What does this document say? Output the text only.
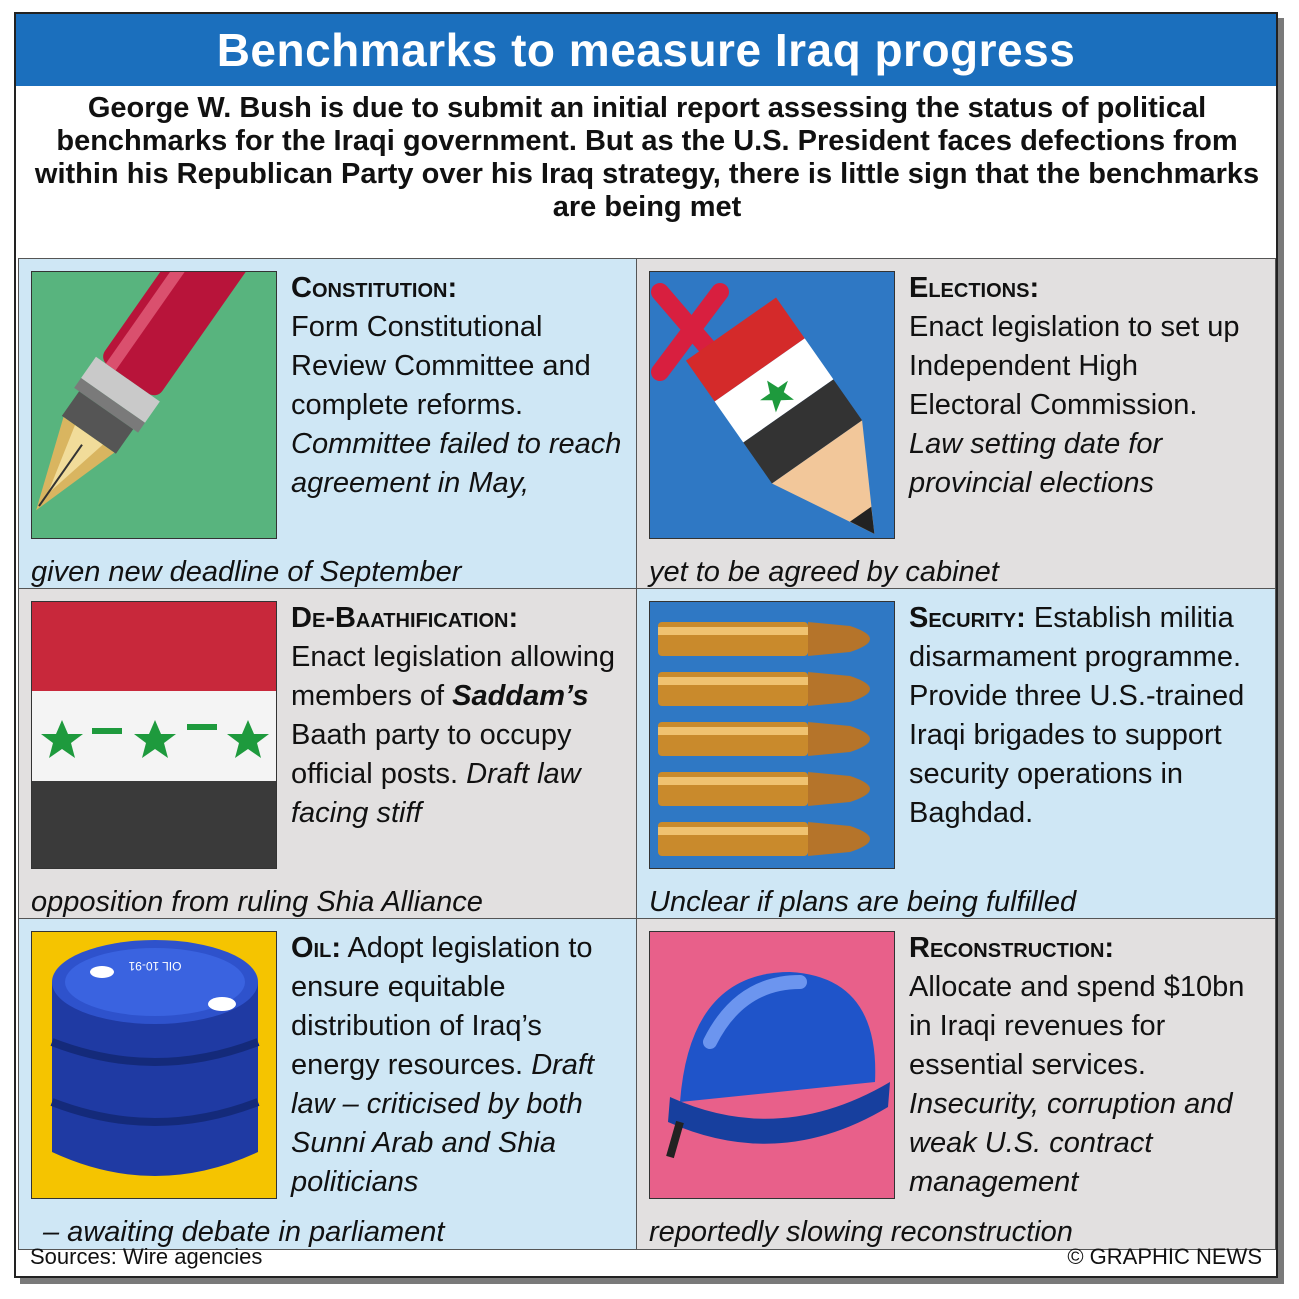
Benchmarks to measure Iraq progress
George W. Bush is due to submit an initial report assessing the status of political benchmarks for the Iraqi government. But as the U.S. President faces defections from within his Republican Party over his Iraq strategy, there is little sign that the benchmarks are being met
Constitution:
Form Constitutional Review Committee and complete reforms. Committee failed to reach agreement in May,
given new deadline of September
Elections:
Enact legislation to set up Independent High Electoral Commission. Law setting date for provincial elections
yet to be agreed by cabinet
De-Baathification:
Enact legislation allowing members of Saddam’s Baath party to occupy official posts. Draft law facing stiff
opposition from ruling Shia Alliance
Security: Establish militia disarmament programme. Provide three U.S.-trained Iraqi brigades to support security operations in Baghdad.
Unclear if plans are being fulfilled
OIL 10-91
Oil: Adopt legislation to ensure equitable distribution of Iraq’s energy resources. Draft law – criticised by both Sunni Arab and Shia politicians
– awaiting debate in parliament
Reconstruction:
Allocate and spend $10bn in Iraqi revenues for essential services. Insecurity, corruption and weak U.S. contract management
reportedly slowing reconstruction
Sources: Wire agencies	© GRAPHIC NEWS
